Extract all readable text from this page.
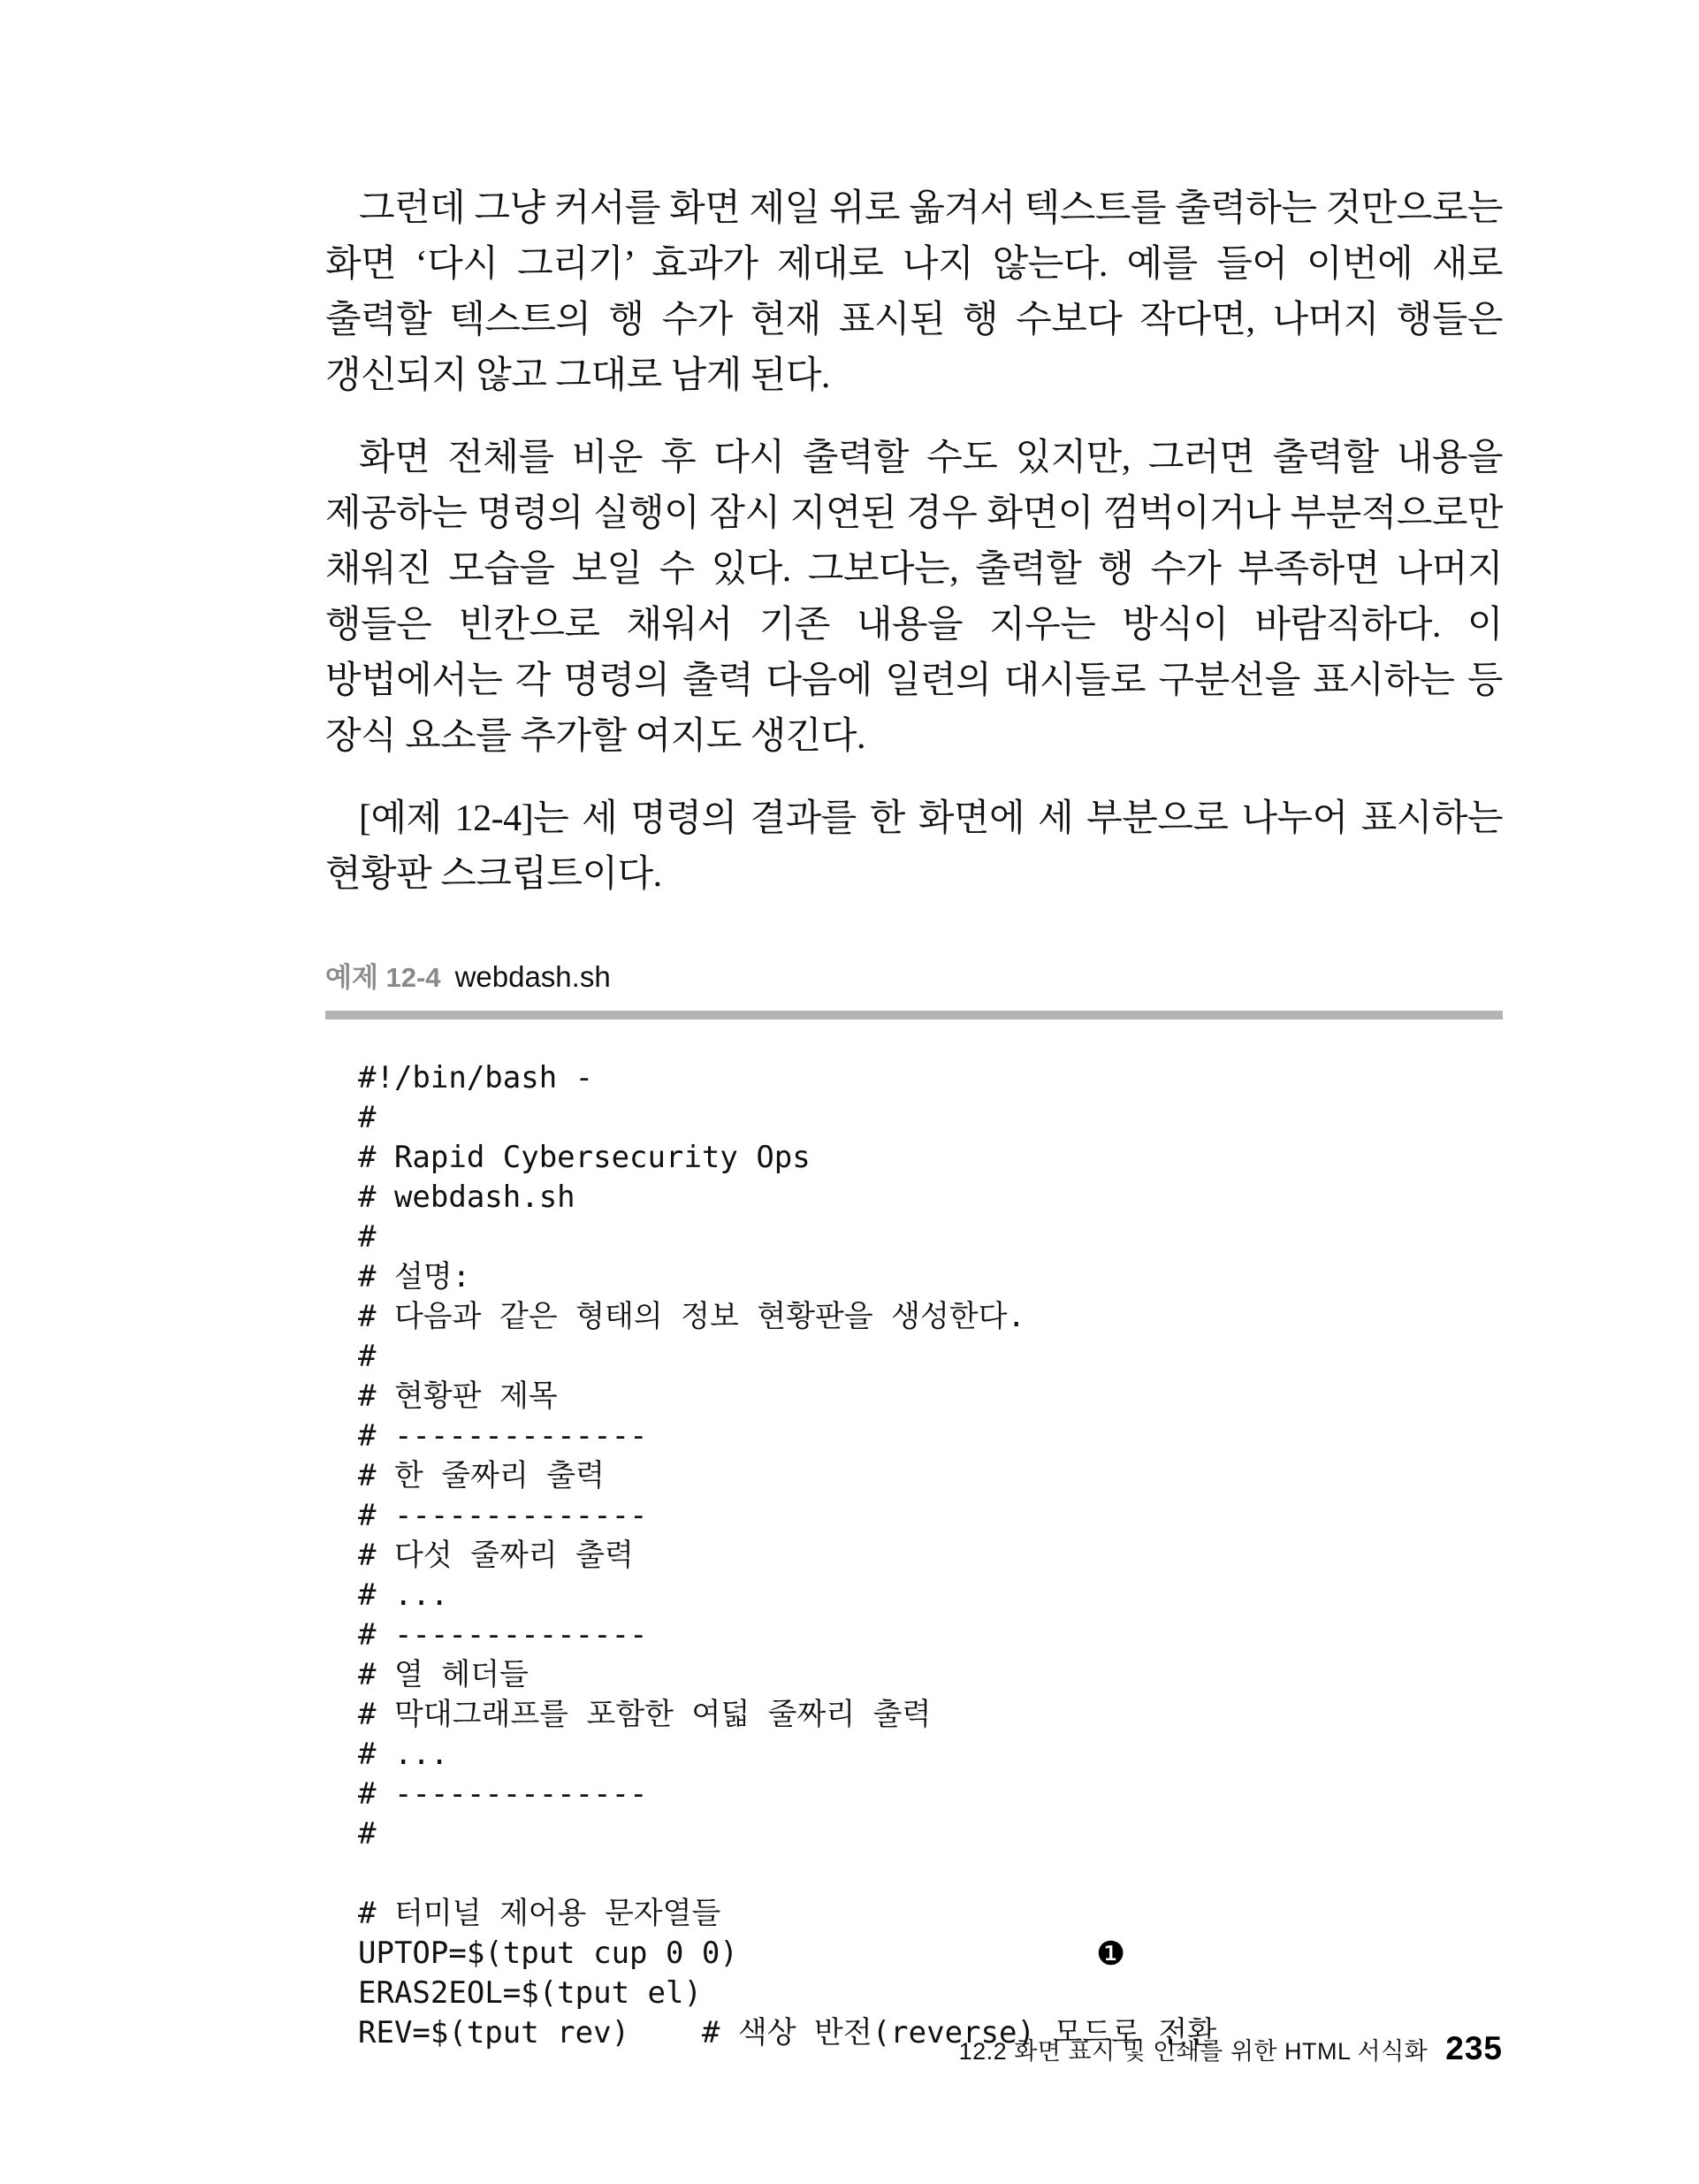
그런데 그냥 커서를 화면 제일 위로 옮겨서 텍스트를 출력하는 것만으로는 화면 ‘다시 그리기’ 효과가 제대로 나지 않는다. 예를 들어 이번에 새로 출력할 텍스트의 행 수가 현재 표시된 행 수보다 작다면, 나머지 행들은 갱신되지 않고 그대로 남게 된다.

화면 전체를 비운 후 다시 출력할 수도 있지만, 그러면 출력할 내용을 제공하는 명령의 실행이 잠시 지연된 경우 화면이 껌벅이거나 부분적으로만 채워진 모습을 보일 수 있다. 그보다는, 출력할 행 수가 부족하면 나머지 행들은 빈칸으로 채워서 기존 내용을 지우는 방식이 바람직하다. 이 방법에서는 각 명령의 출력 다음에 일련의 대시들로 구분선을 표시하는 등 장식 요소를 추가할 여지도 생긴다.

[예제 12-4]는 세 명령의 결과를 한 화면에 세 부분으로 나누어 표시하는 현황판 스크립트이다.

예제 12-4 webdash.sh
#!/bin/bash -
#
# Rapid Cybersecurity Ops
# webdash.sh
#
# 설명:
# 다음과 같은 형태의 정보 현황판을 생성한다.
#
# 현황판 제목
# --------------
# 한 줄짜리 출력
# --------------
# 다섯 줄짜리 출력
# ...
# --------------
# 열 헤더들
# 막대그래프를 포함한 여덟 줄짜리 출력
# ...
# --------------
#
# 터미널 제어용 문자열들
UPTOP=$(tput cup 0 0)	❶
ERAS2EOL=$(tput el)
REV=$(tput rev)    # 색상 반전(reverse) 모드로 전환
12.2 화면 표시 및 인쇄를 위한 HTML 서식화 235
